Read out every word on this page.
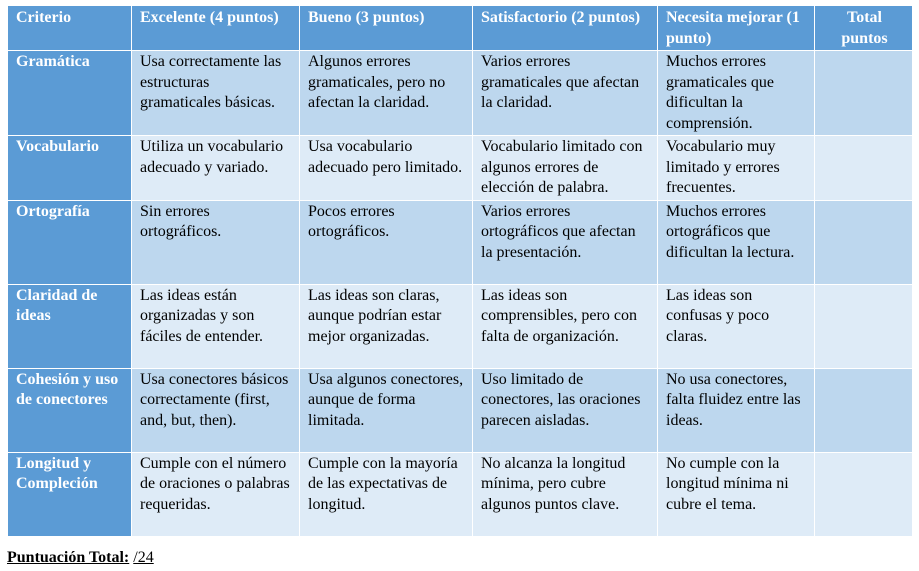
Criterio	Excelente (4 puntos)	Bueno (3 puntos)	Satisfactorio (2 puntos)	Necesita mejorar (1 punto)	Total puntos
Gramática	Usa correctamente las estructuras gramaticales básicas.	Algunos errores gramaticales, pero no afectan la claridad.	Varios errores gramaticales que afectan la claridad.	Muchos errores gramaticales que dificultan la comprensión.	
Vocabulario	Utiliza un vocabulario adecuado y variado.	Usa vocabulario adecuado pero limitado.	Vocabulario limitado con algunos errores de elección de palabra.	Vocabulario muy limitado y errores frecuentes.	
Ortografía	Sin errores ortográficos.	Pocos errores ortográficos.	Varios errores ortográficos que afectan la presentación.	Muchos errores ortográficos que dificultan la lectura.	
Claridad de ideas	Las ideas están organizadas y son fáciles de entender.	Las ideas son claras, aunque podrían estar mejor organizadas.	Las ideas son comprensibles, pero con falta de organización.	Las ideas son confusas y poco claras.	
Cohesión y uso de conectores	Usa conectores básicos correctamente (first, and, but, then).	Usa algunos conectores, aunque de forma limitada.	Uso limitado de conectores, las oraciones parecen aisladas.	No usa conectores, falta fluidez entre las ideas.	
Longitud y Compleción	Cumple con el número de oraciones o palabras requeridas.	Cumple con la mayoría de las expectativas de longitud.	No alcanza la longitud mínima, pero cubre algunos puntos clave.	No cumple con la longitud mínima ni cubre el tema.	
Puntuación Total: /24
